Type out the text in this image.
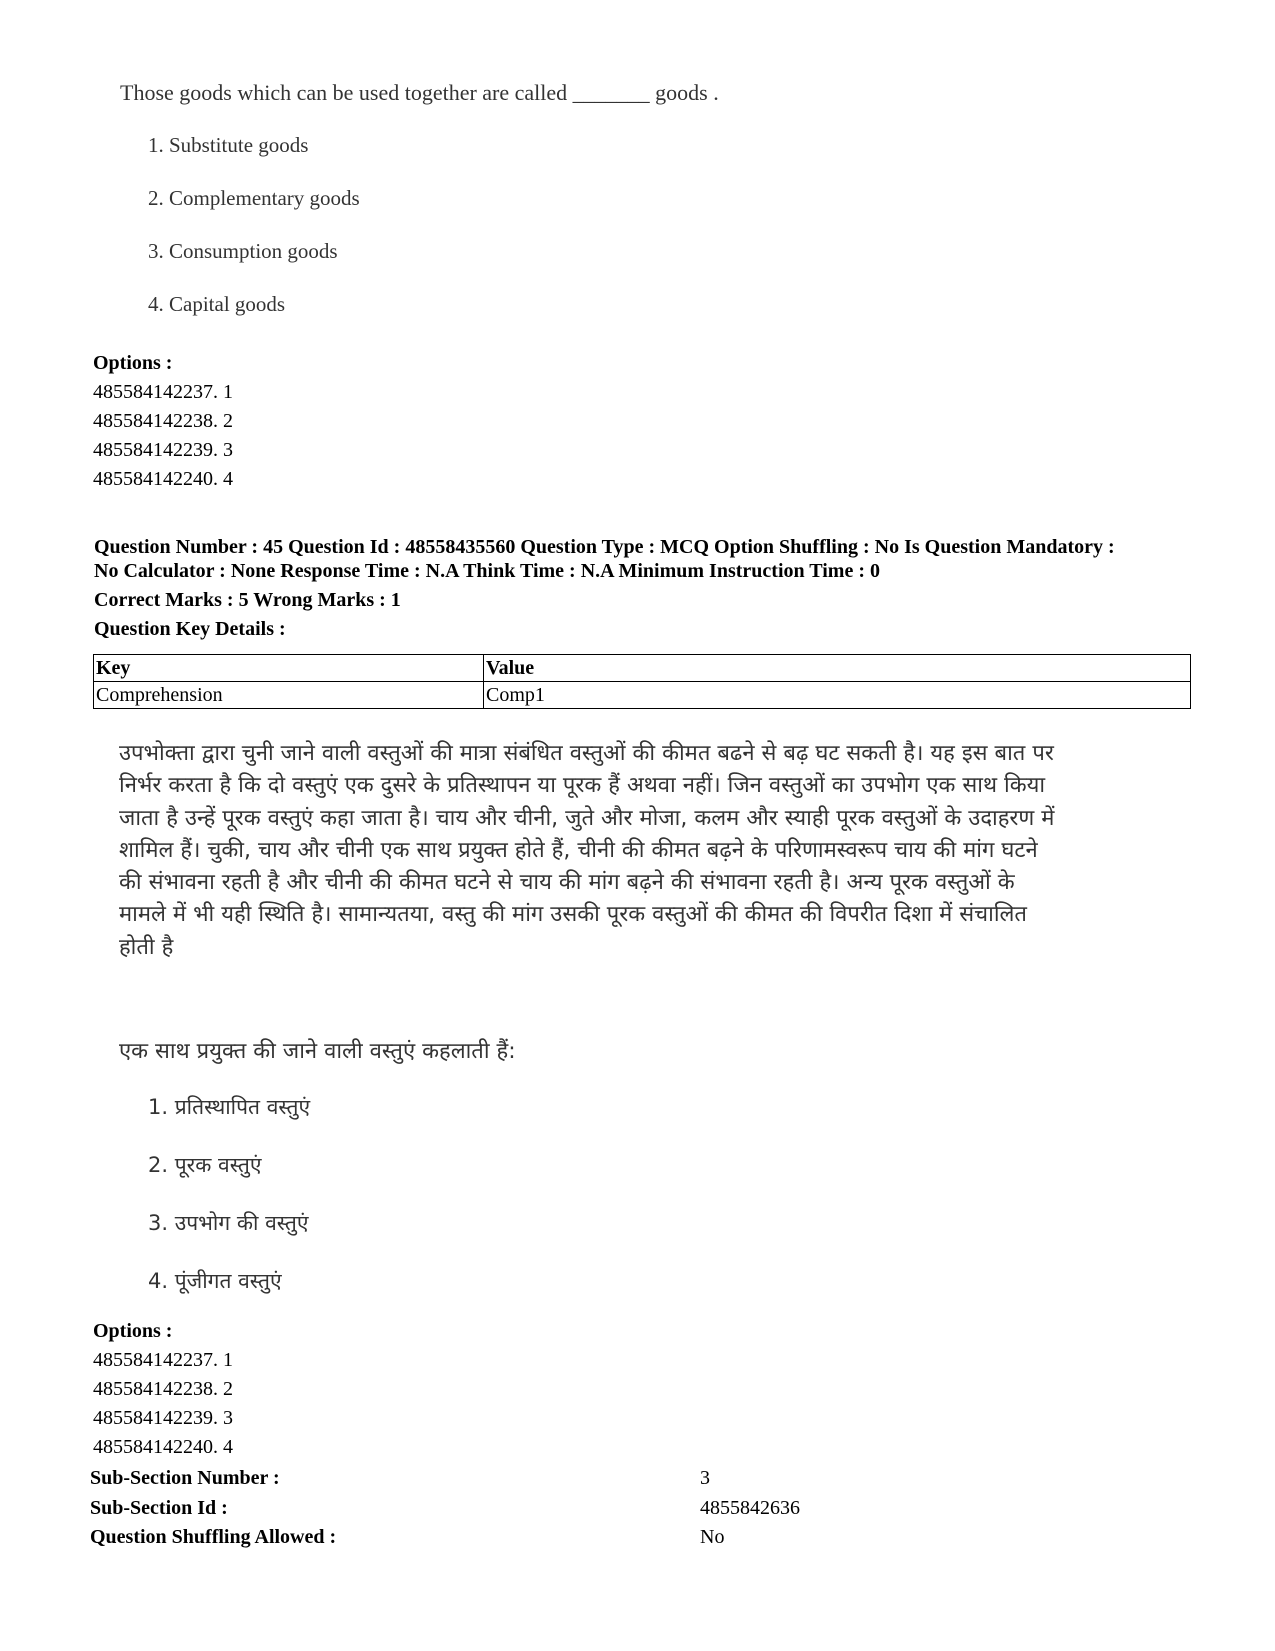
Those goods which can be used together are called _______ goods .
1. Substitute goods
2. Complementary goods
3. Consumption goods
4. Capital goods
Options :
485584142237. 1
485584142238. 2
485584142239. 3
485584142240. 4
Question Number : 45 Question Id : 48558435560 Question Type : MCQ Option Shuffling : No Is Question Mandatory :
No Calculator : None Response Time : N.A Think Time : N.A Minimum Instruction Time : 0
Correct Marks : 5 Wrong Marks : 1
Question Key Details :
Key	Value
Comprehension	Comp1
उपभोक्ता द्वारा चुनी जाने वाली वस्तुओं की मात्रा संबंधित वस्तुओं की कीमत बढने से बढ़ घट सकती है। यह इस बात पर
निर्भर करता है कि दो वस्तुएं एक दुसरे के प्रतिस्थापन या पूरक हैं अथवा नहीं। जिन वस्तुओं का उपभोग एक साथ किया
जाता है उन्हें पूरक वस्तुएं कहा जाता है। चाय और चीनी, जुते और मोजा, कलम और स्याही पूरक वस्तुओं के उदाहरण में
शामिल हैं। चुकी, चाय और चीनी एक साथ प्रयुक्त होते हैं, चीनी की कीमत बढ़ने के परिणामस्वरूप चाय की मांग घटने
की संभावना रहती है और चीनी की कीमत घटने से चाय की मांग बढ़ने की संभावना रहती है। अन्य पूरक वस्तुओं के
मामले में भी यही स्थिति है। सामान्यतया, वस्तु की मांग उसकी पूरक वस्तुओं की कीमत की विपरीत दिशा में संचालित
होती है
एक साथ प्रयुक्त की जाने वाली वस्तुएं कहलाती हैं:
1. प्रतिस्थापित वस्तुएं
2. पूरक वस्तुएं
3. उपभोग की वस्तुएं
4. पूंजीगत वस्तुएं
Options :
485584142237. 1
485584142238. 2
485584142239. 3
485584142240. 4
Sub-Section Number :	3
Sub-Section Id :	4855842636
Question Shuffling Allowed :	No
